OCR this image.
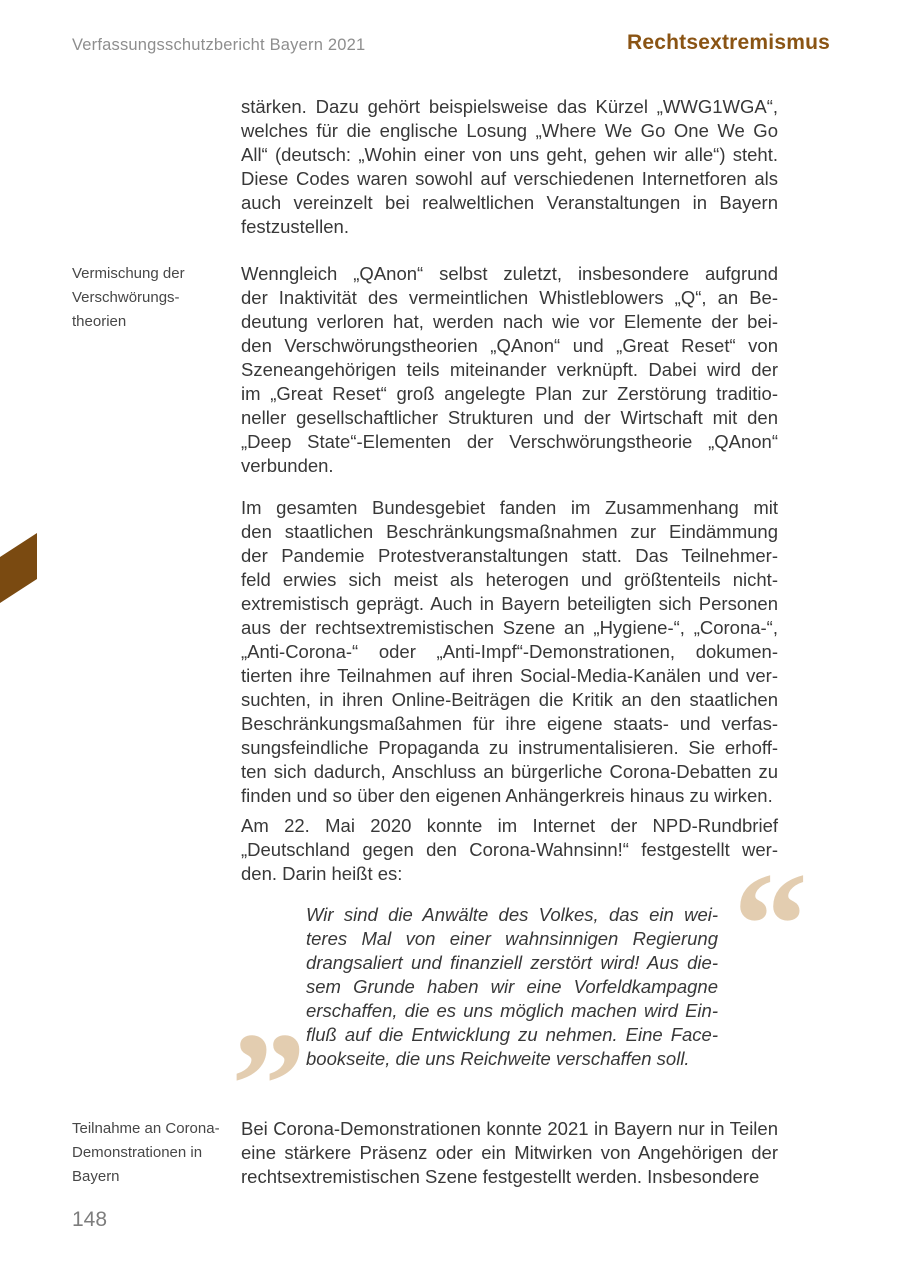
Verfassungsschutzbericht Bayern 2021	Rechtsextremismus
Vermischung der
Verschwörungs-
theorien
Teilnahme an Corona-
Demonstrationen in
Bayern
stärken. Dazu gehört beispielsweise das Kürzel „WWG1WGA“,
welches für die englische Losung „Where We Go One We Go
All“ (deutsch: „Wohin einer von uns geht, gehen wir alle“) steht.
Diese Codes waren sowohl auf verschiedenen Internetforen als
auch vereinzelt bei realweltlichen Veranstaltungen in Bayern
festzustellen.
Wenngleich „QAnon“ selbst zuletzt, insbesondere aufgrund
der Inaktivität des vermeintlichen Whistleblowers „Q“, an Be-
deutung verloren hat, werden nach wie vor Elemente der bei-
den Verschwörungstheorien „QAnon“ und „Great Reset“ von
Szeneangehörigen teils miteinander verknüpft. Dabei wird der
im „Great Reset“ groß angelegte Plan zur Zerstörung traditio-
neller gesellschaftlicher Strukturen und der Wirtschaft mit den
„Deep State“-Elementen der Verschwörungstheorie „QAnon“
verbunden.
Im gesamten Bundesgebiet fanden im Zusammenhang mit
den staatlichen Beschränkungsmaßnahmen zur Eindämmung
der Pandemie Protestveranstaltungen statt. Das Teilnehmer-
feld erwies sich meist als heterogen und größtenteils nicht-
extremistisch geprägt. Auch in Bayern beteiligten sich Personen
aus der rechtsextremistischen Szene an „Hygiene-“, „Corona-“,
„Anti-Corona-“ oder „Anti-Impf“-Demonstrationen, dokumen-
tierten ihre Teilnahmen auf ihren Social-Media-Kanälen und ver-
suchten, in ihren Online-Beiträgen die Kritik an den staatlichen
Beschränkungsmaßahmen für ihre eigene staats- und verfas-
sungsfeindliche Propaganda zu instrumentalisieren. Sie erhoff-
ten sich dadurch, Anschluss an bürgerliche Corona-Debatten zu
finden und so über den eigenen Anhängerkreis hinaus zu wirken.
Am 22. Mai 2020 konnte im Internet der NPD-Rundbrief
„Deutschland gegen den Corona-Wahnsinn!“ festgestellt wer-
den. Darin heißt es:	“
Wir sind die Anwälte des Volkes, das ein wei-
teres Mal von einer wahnsinnigen Regierung
drangsaliert und finanziell zerstört wird! Aus die-
sem Grunde haben wir eine Vorfeldkampagne
erschaffen, die es uns möglich machen wird Ein-
fluß auf die Entwicklung zu nehmen. Eine Face-
bookseite, die uns Reichweite verschaffen soll.
”
Bei Corona-Demonstrationen konnte 2021 in Bayern nur in Teilen
eine stärkere Präsenz oder ein Mitwirken von Angehörigen der
rechtsextremistischen Szene festgestellt werden. Insbesondere
148
